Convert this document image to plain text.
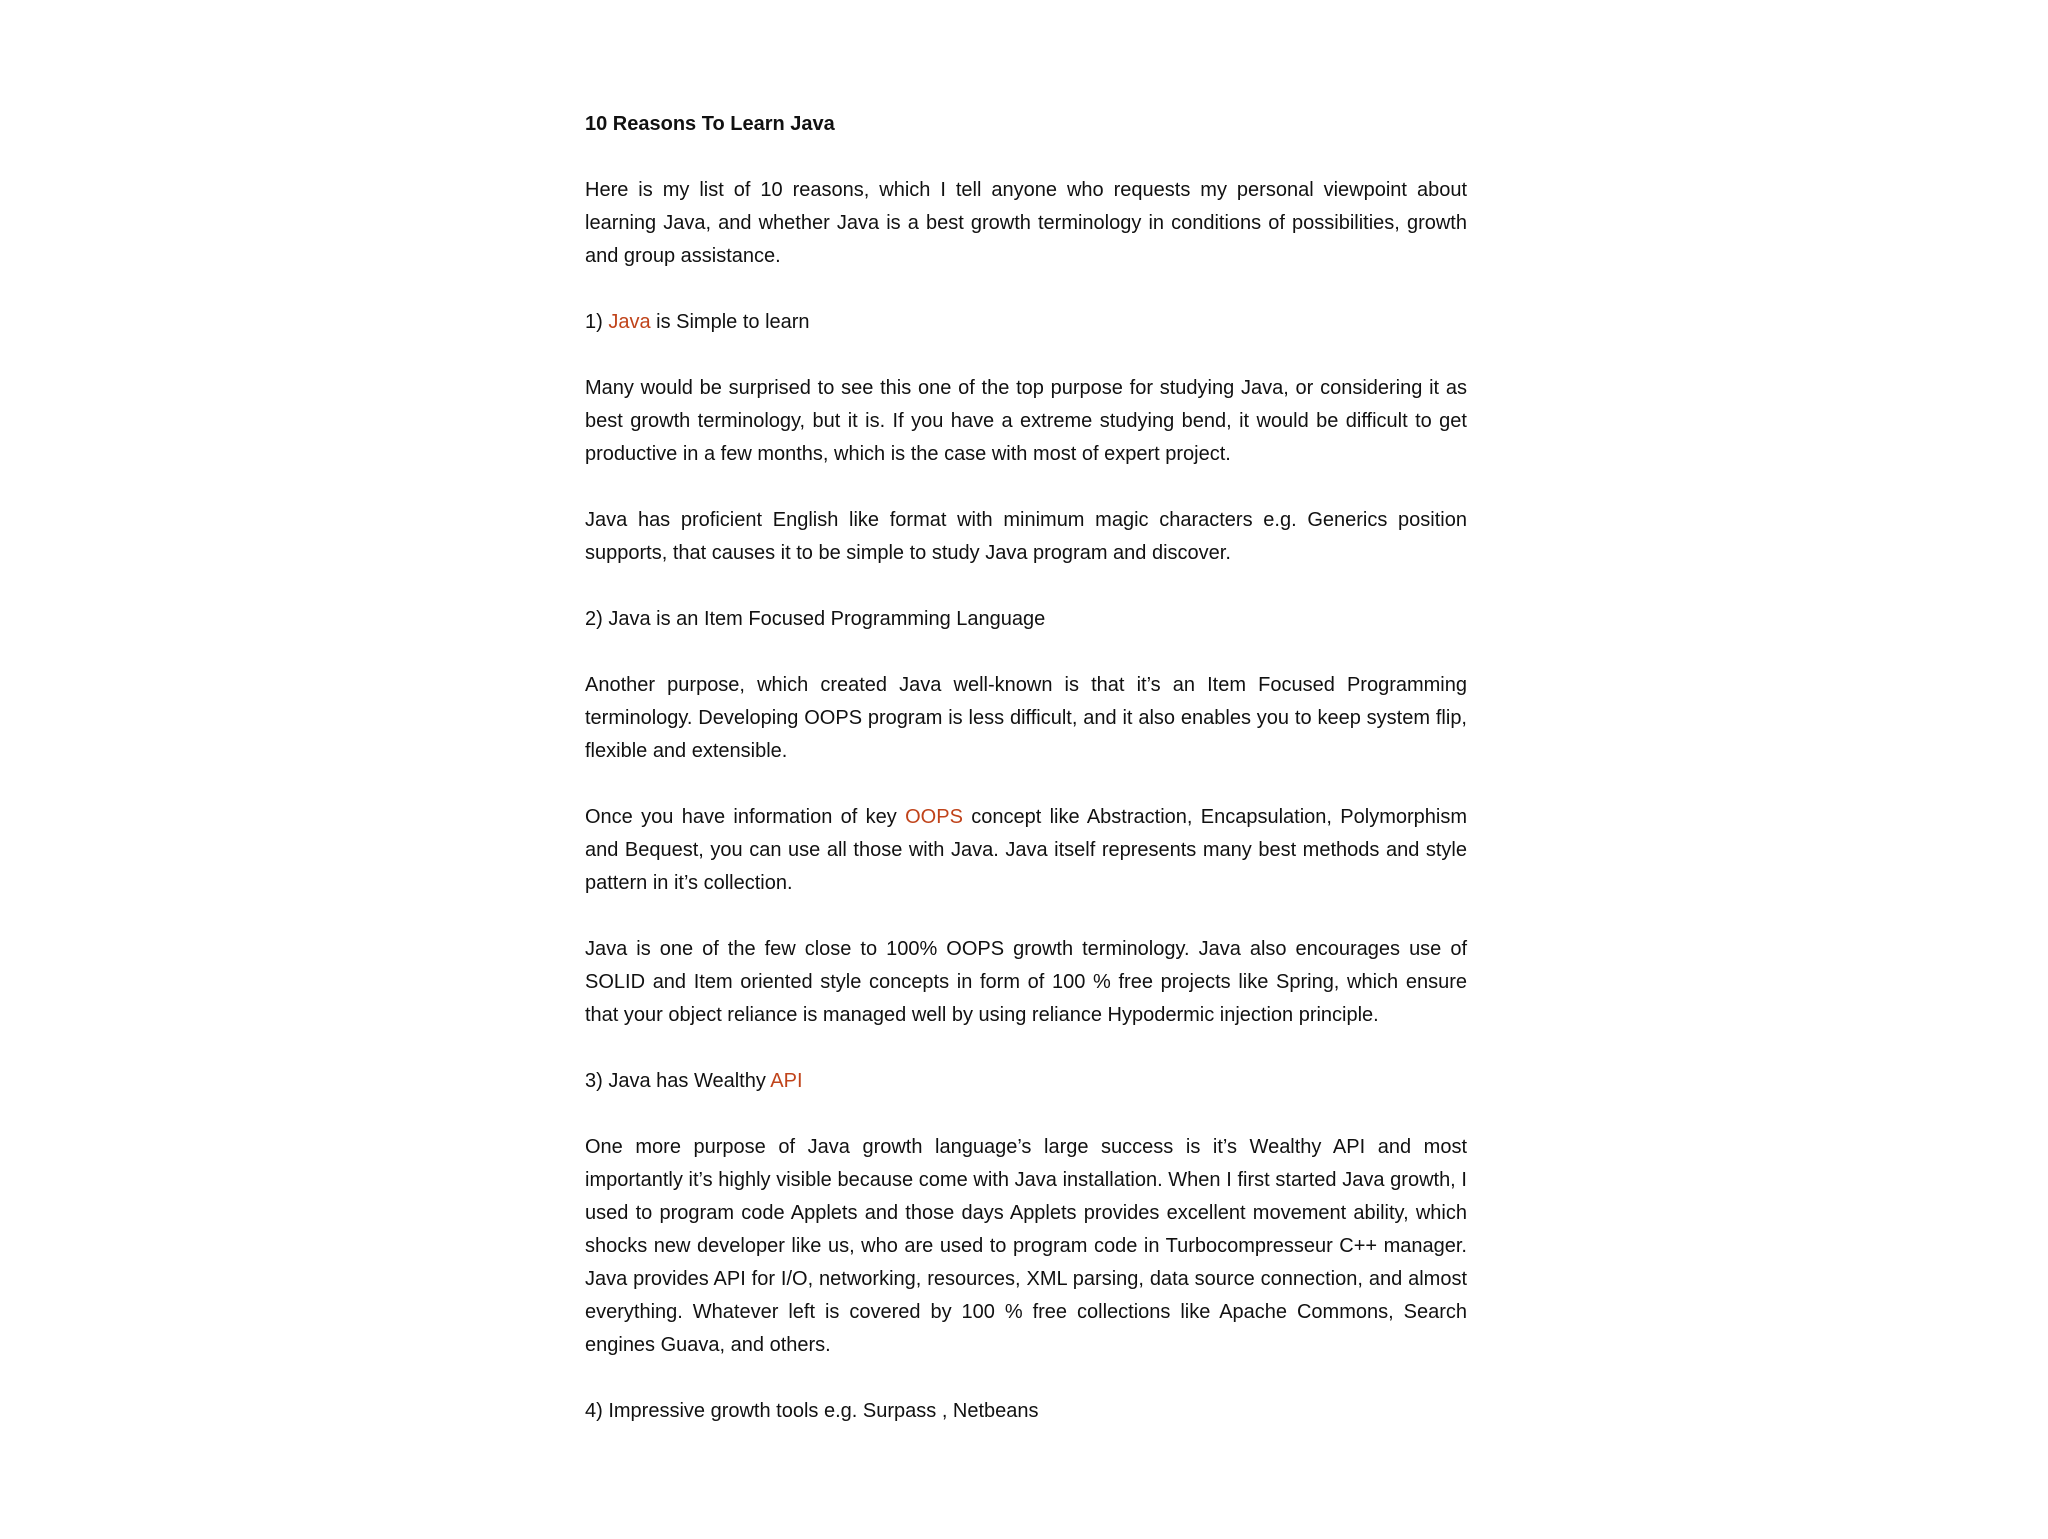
10 Reasons To Learn Java

Here is my list of 10 reasons, which I tell anyone who requests my personal viewpoint about learning Java, and whether Java is a best growth terminology in conditions of possibilities, growth and group assistance.

1) Java is Simple to learn

Many would be surprised to see this one of the top purpose for studying Java, or considering it as best growth terminology, but it is. If you have a extreme studying bend, it would be difficult to get productive in a few months, which is the case with most of expert project.

Java has proficient English like format with minimum magic characters e.g. Generics position supports, that causes it to be simple to study Java program and discover.

2) Java is an Item Focused Programming Language

Another purpose, which created Java well-known is that it’s an Item Focused Programming terminology. Developing OOPS program is less difficult, and it also enables you to keep system flip, flexible and extensible.

Once you have information of key OOPS concept like Abstraction, Encapsulation, Polymorphism and Bequest, you can use all those with Java. Java itself represents many best methods and style pattern in it’s collection.

Java is one of the few close to 100% OOPS growth terminology. Java also encourages use of SOLID and Item oriented style concepts in form of 100 % free projects like Spring, which ensure that your object reliance is managed well by using reliance Hypodermic injection principle.

3) Java has Wealthy API

One more purpose of Java growth language’s large success is it’s Wealthy API and most importantly it’s highly visible because come with Java installation. When I first started Java growth, I used to program code Applets and those days Applets provides excellent movement ability, which shocks new developer like us, who are used to program code in Turbocompresseur C++ manager. Java provides API for I/O, networking, resources, XML parsing, data source connection, and almost everything. Whatever left is covered by 100 % free collections like Apache Commons, Search engines Guava, and others.

4) Impressive growth tools e.g. Surpass , Netbeans
